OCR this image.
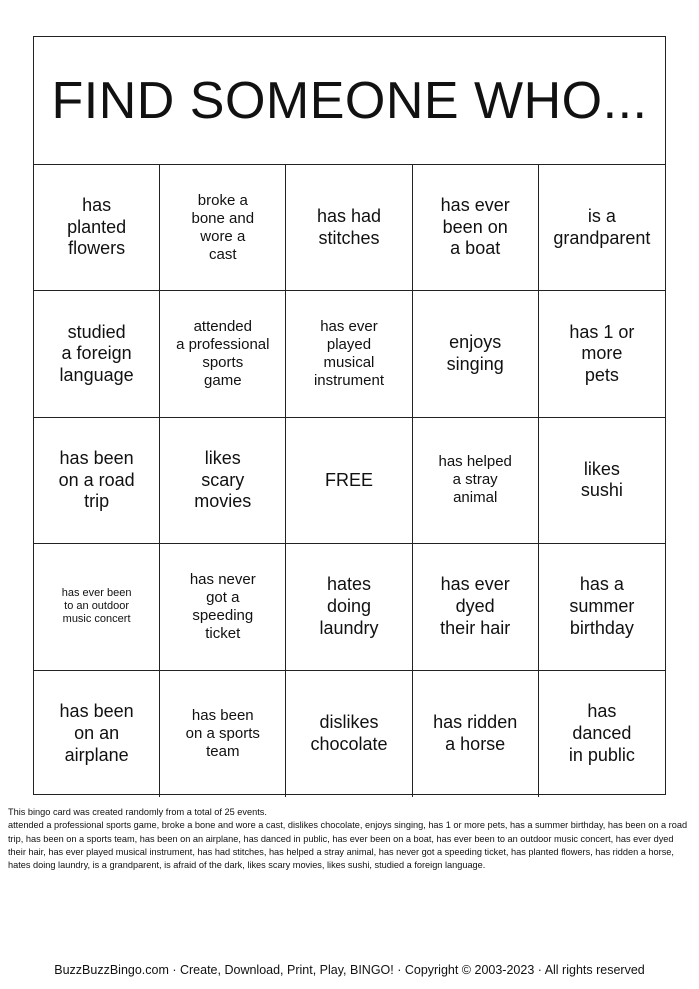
FIND SOMEONE WHO...
has
planted
flowers
broke a
bone and
wore a
cast
has had
stitches
has ever
been on
a boat
is a
grandparent
studied
a foreign
language
attended
a professional
sports
game
has ever
played
musical
instrument
enjoys
singing
has 1 or
more
pets
has been
on a road
trip
likes
scary
movies
FREE
has helped
a stray
animal
likes
sushi
has ever been
to an outdoor
music concert
has never
got a
speeding
ticket
hates
doing
laundry
has ever
dyed
their hair
has a
summer
birthday
has been
on an
airplane
has been
on a sports
team
dislikes
chocolate
has ridden
a horse
has
danced
in public
This bingo card was created randomly from a total of 25 events.
attended a professional sports game, broke a bone and wore a cast, dislikes chocolate, enjoys singing, has 1 or more pets, has a summer birthday, has been on a road trip, has been on a sports team, has been on an airplane, has danced in public, has ever been on a boat, has ever been to an outdoor music concert, has ever dyed their hair, has ever played musical instrument, has had stitches, has helped a stray animal, has never got a speeding ticket, has planted flowers, has ridden a horse, hates doing laundry, is a grandparent, is afraid of the dark, likes scary movies, likes sushi, studied a foreign language.
BuzzBuzzBingo.com · Create, Download, Print, Play, BINGO! · Copyright © 2003-2023 · All rights reserved
